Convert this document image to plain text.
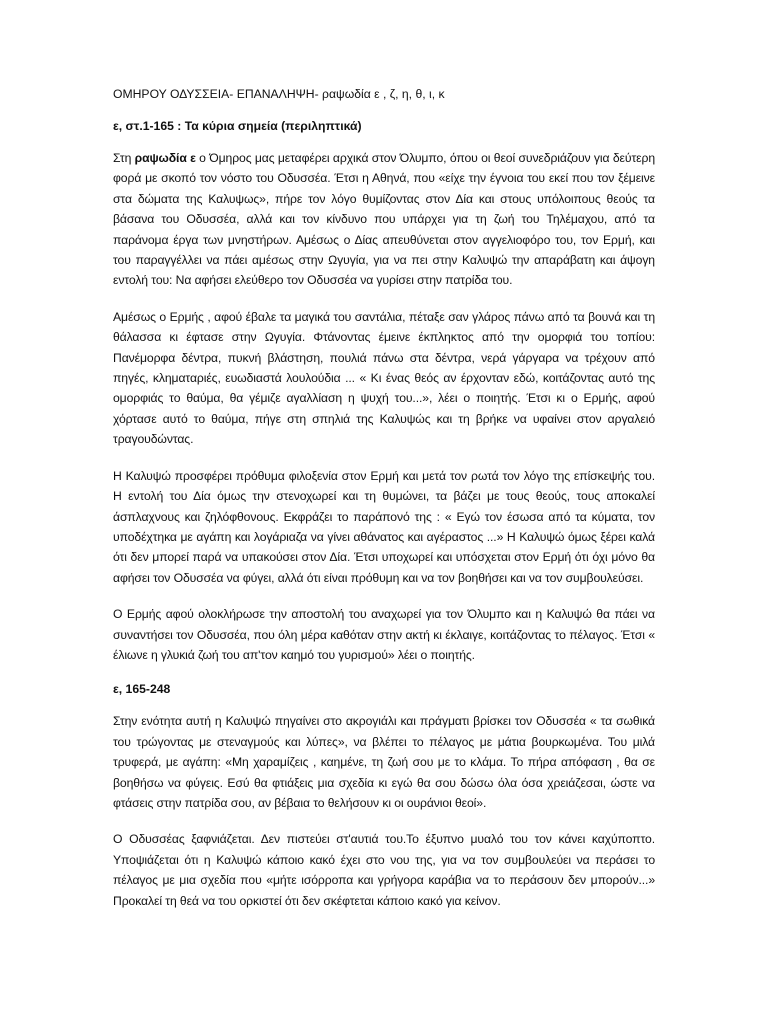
ΟΜΗΡΟΥ ΟΔΥΣΣΕΙΑ- ΕΠΑΝΑΛΗΨΗ- ραψωδία ε , ζ, η, θ, ι, κ
ε, στ.1-165 : Τα κύρια σημεία (περιληπτικά)

Στη ραψωδία ε ο Όμηρος μας μεταφέρει αρχικά στον Όλυμπο, όπου οι θεοί συνεδριάζουν για δεύτερη φορά με σκοπό τον νόστο του Οδυσσέα. Έτσι η Αθηνά, που «είχε την έγνοια του εκεί που τον ξέμεινε στα δώματα της Καλυψως», πήρε τον λόγο θυμίζοντας στον Δία και στους υπόλοιπους θεούς τα βάσανα του Οδυσσέα, αλλά και τον κίνδυνο που υπάρχει για τη ζωή του Τηλέμαχου, από τα παράνομα έργα των μνηστήρων. Αμέσως ο Δίας απευθύνεται στον αγγελιοφόρο του, τον Ερμή, και του παραγγέλλει να πάει αμέσως στην Ωγυγία, για να πει στην Καλυψώ την απαράβατη και άψογη εντολή του: Να αφήσει ελεύθερο τον Οδυσσέα να γυρίσει στην πατρίδα του.

Αμέσως ο Ερμής , αφού έβαλε τα μαγικά του σαντάλια, πέταξε σαν γλάρος πάνω από τα βουνά και τη θάλασσα κι έφτασε στην Ωγυγία. Φτάνοντας έμεινε έκπληκτος από την ομορφιά του τοπίου: Πανέμορφα δέντρα, πυκνή βλάστηση, πουλιά πάνω στα δέντρα, νερά γάργαρα να τρέχουν από πηγές, κληματαριές, ευωδιαστά λουλούδια ... « Κι ένας θεός αν έρχονταν εδώ, κοιτάζοντας αυτό της ομορφιάς το θαύμα, θα γέμιζε αγαλλίαση η ψυχή του...», λέει ο ποιητής. Έτσι κι ο Ερμής, αφού χόρτασε αυτό το θαύμα, πήγε στη σπηλιά της Καλυψώς και τη βρήκε να υφαίνει στον αργαλειό τραγουδώντας.

Η Καλυψώ προσφέρει πρόθυμα φιλοξενία στον Ερμή και μετά τον ρωτά τον λόγο της επίσκεψής του. Η εντολή του Δία όμως την στενοχωρεί και τη θυμώνει, τα βάζει με τους θεούς, τους αποκαλεί άσπλαχνους και ζηλόφθονους. Εκφράζει το παράπονό της : « Εγώ τον έσωσα από τα κύματα, τον υποδέχτηκα με αγάπη και λογάριαζα να γίνει αθάνατος και αγέραστος ...» Η Καλυψώ όμως ξέρει καλά ότι δεν μπορεί παρά να υπακούσει στον Δία. Έτσι υποχωρεί και υπόσχεται στον Ερμή ότι όχι μόνο θα αφήσει τον Οδυσσέα να φύγει, αλλά ότι είναι πρόθυμη και να τον βοηθήσει και να τον συμβουλεύσει.

Ο Ερμής αφού ολοκλήρωσε την αποστολή του αναχωρεί για τον Όλυμπο και η Καλυψώ θα πάει να συναντήσει τον Οδυσσέα, που όλη μέρα καθόταν στην ακτή κι έκλαιγε, κοιτάζοντας το πέλαγος. Έτσι « έλιωνε η γλυκιά ζωή του απ'τον καημό του γυρισμού» λέει ο ποιητής.

ε, 165-248

Στην ενότητα αυτή η Καλυψώ πηγαίνει στο ακρογιάλι και πράγματι βρίσκει τον Οδυσσέα « τα σωθικά του τρώγοντας με στεναγμούς και λύπες», να βλέπει το πέλαγος με μάτια βουρκωμένα. Του μιλά τρυφερά, με αγάπη: «Μη χαραμίζεις , καημένε, τη ζωή σου με το κλάμα. Το πήρα απόφαση , θα σε βοηθήσω να φύγεις. Εσύ θα φτιάξεις μια σχεδία κι εγώ θα σου δώσω όλα όσα χρειάζεσαι, ώστε να φτάσεις στην πατρίδα σου, αν βέβαια το θελήσουν κι οι ουράνιοι θεοί».

Ο Οδυσσέας ξαφνιάζεται. Δεν πιστεύει στ'αυτιά του.Το έξυπνο μυαλό του τον κάνει καχύποπτο. Υποψιάζεται ότι η Καλυψώ κάποιο κακό έχει στο νου της, για να τον συμβουλεύει να περάσει το πέλαγος με μια σχεδία που «μήτε ισόρροπα και γρήγορα καράβια να το περάσουν δεν μπορούν...» Προκαλεί τη θεά να του ορκιστεί ότι δεν σκέφτεται κάποιο κακό για κείνον.
